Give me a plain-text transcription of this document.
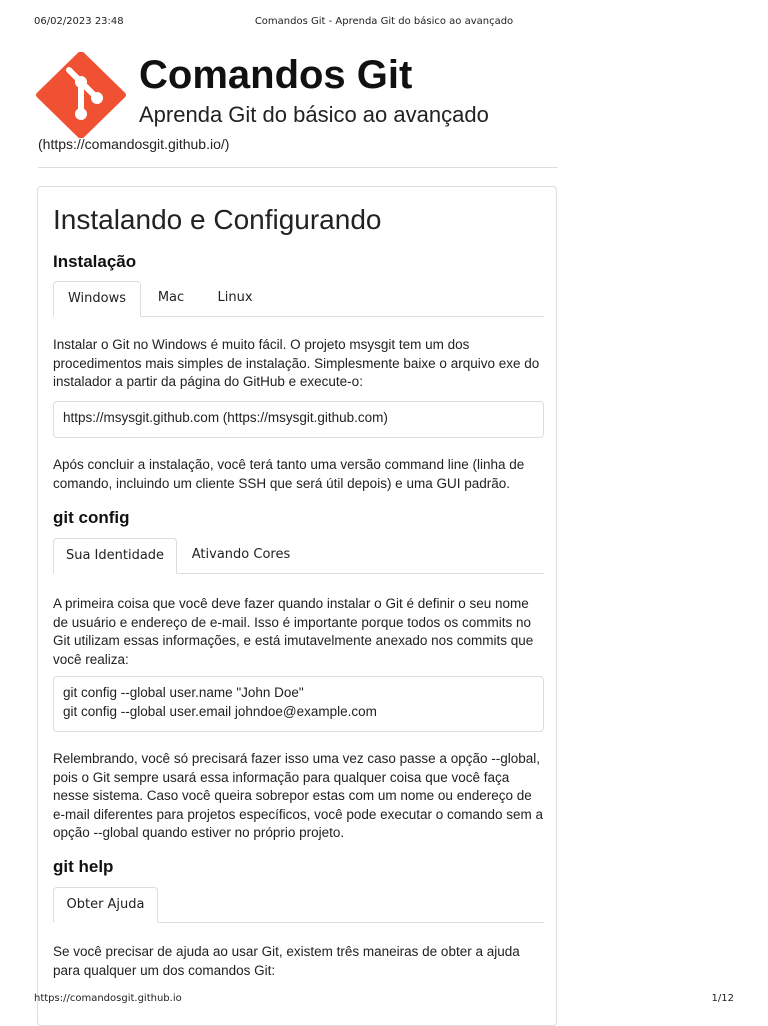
06/02/2023 23:48	Comandos Git - Aprenda Git do básico ao avançado
Comandos Git

Aprenda Git do básico ao avançado

(https://comandosgit.github.io/)
Instalando e Configurando
Instalação
Windows	Mac	Linux

Instalar o Git no Windows é muito fácil. O projeto msysgit tem um dos procedimentos mais simples de instalação. Simplesmente baixe o arquivo exe do instalador a partir da página do GitHub e execute-o:

https://msysgit.github.com (https://msysgit.github.com)

Após concluir a instalação, você terá tanto uma versão command line (linha de comando, incluindo um cliente SSH que será útil depois) e uma GUI padrão.

git config
Sua Identidade	Ativando Cores

A primeira coisa que você deve fazer quando instalar o Git é definir o seu nome de usuário e endereço de e-mail. Isso é importante porque todos os commits no Git utilizam essas informações, e está imutavelmente anexado nos commits que você realiza:

git config --global user.name "John Doe"
git config --global user.email johndoe@example.com

Relembrando, você só precisará fazer isso uma vez caso passe a opção --global, pois o Git sempre usará essa informação para qualquer coisa que você faça nesse sistema. Caso você queira sobrepor estas com um nome ou endereço de e-mail diferentes para projetos específicos, você pode executar o comando sem a opção --global quando estiver no próprio projeto.

git help
Obter Ajuda

Se você precisar de ajuda ao usar Git, existem três maneiras de obter a ajuda para qualquer um dos comandos Git:

https://comandosgit.github.io	1/12
